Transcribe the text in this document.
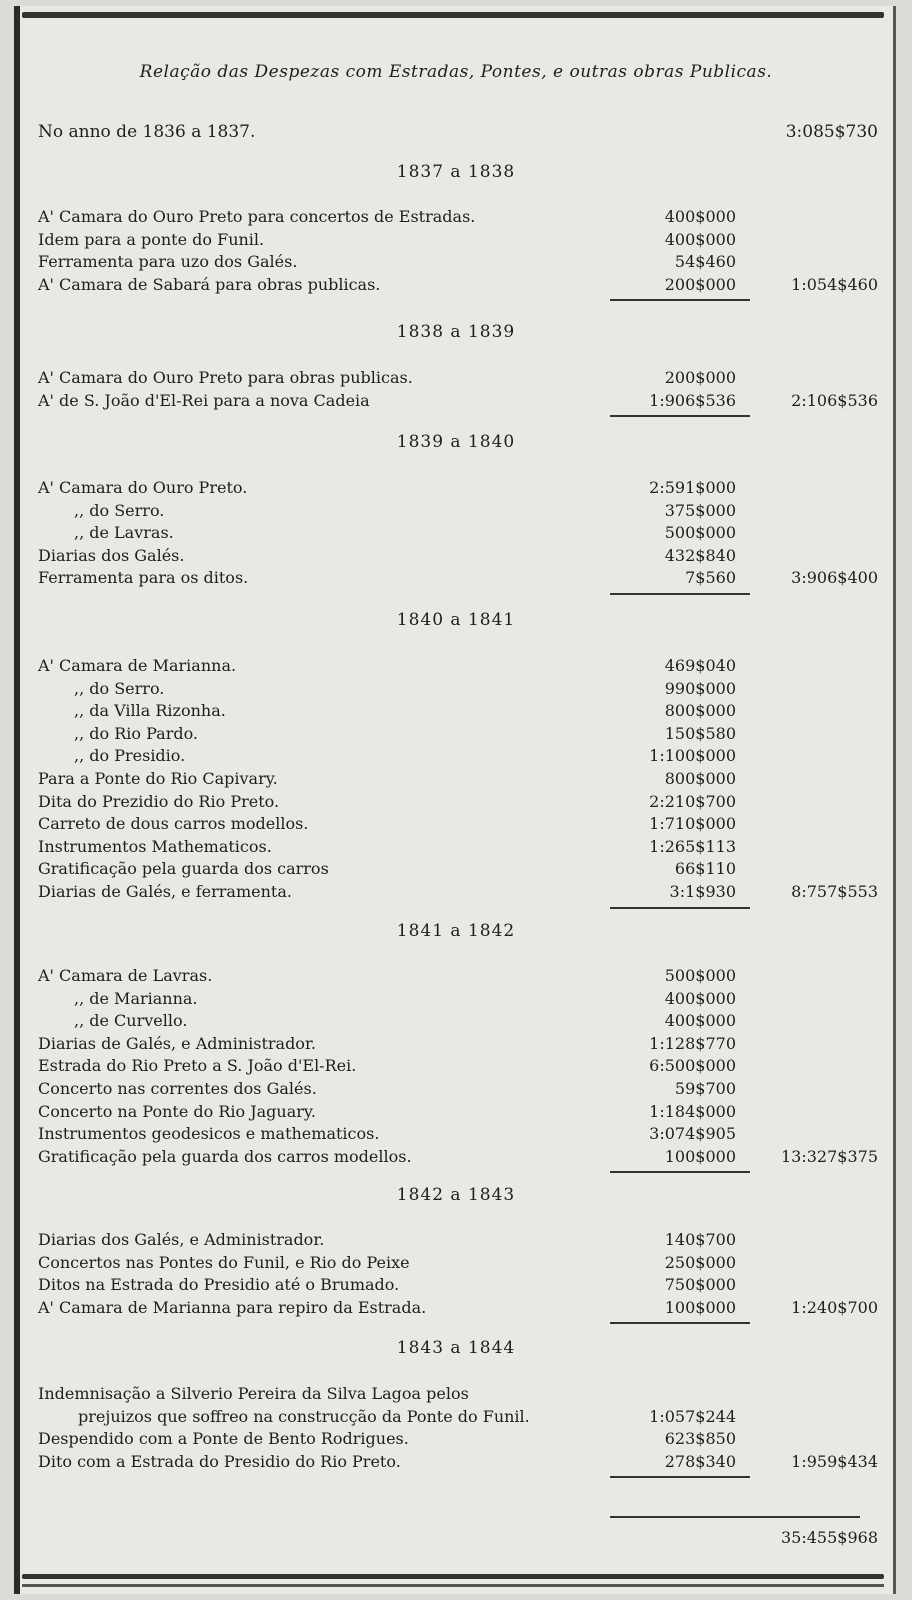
Relação das Despezas com Estradas, Pontes, e outras obras Publicas.
No anno de 1836 a 1837.	3:085$730
1837 a 1838
A' Camara do Ouro Preto para concertos de Estradas.	400$000
Idem para a ponte do Funil.	400$000
Ferramenta para uzo dos Galés.	54$460
A' Camara de Sabará para obras publicas.	200$000	1:054$460
1838 a 1839
A' Camara do Ouro Preto para obras publicas.	200$000
A' de S. João d'El-Rei para a nova Cadeia	1:906$536	2:106$536
1839 a 1840
A' Camara do Ouro Preto.	2:591$000
,, do Serro.	375$000
,, de Lavras.	500$000
Diarias dos Galés.	432$840
Ferramenta para os ditos.	7$560	3:906$400
1840 a 1841
A' Camara de Marianna.	469$040
,, do Serro.	990$000
,, da Villa Rizonha.	800$000
,, do Rio Pardo.	150$580
,, do Presidio.	1:100$000
Para a Ponte do Rio Capivary.	800$000
Dita do Prezidio do Rio Preto.	2:210$700
Carreto de dous carros modellos.	1:710$000
Instrumentos Mathematicos.	1:265$113
Gratificação pela guarda dos carros	66$110
Diarias de Galés, e ferramenta.	3:1$930	8:757$553
1841 a 1842
A' Camara de Lavras.	500$000
,, de Marianna.	400$000
,, de Curvello.	400$000
Diarias de Galés, e Administrador.	1:128$770
Estrada do Rio Preto a S. João d'El-Rei.	6:500$000
Concerto nas correntes dos Galés.	59$700
Concerto na Ponte do Rio Jaguary.	1:184$000
Instrumentos geodesicos e mathematicos.	3:074$905
Gratificação pela guarda dos carros modellos.	100$000	13:327$375
1842 a 1843
Diarias dos Galés, e Administrador.	140$700
Concertos nas Pontes do Funil, e Rio do Peixe	250$000
Ditos na Estrada do Presidio até o Brumado.	750$000
A' Camara de Marianna para repiro da Estrada.	100$000	1:240$700
1843 a 1844
Indemnisação a Silverio Pereira da Silva Lagoa pelos
prejuizos que soffreo na construcção da Ponte do Funil.	1:057$244
Despendido com a Ponte de Bento Rodrigues.	623$850
Dito com a Estrada do Presidio do Rio Preto.	278$340	1:959$434
35:455$968
